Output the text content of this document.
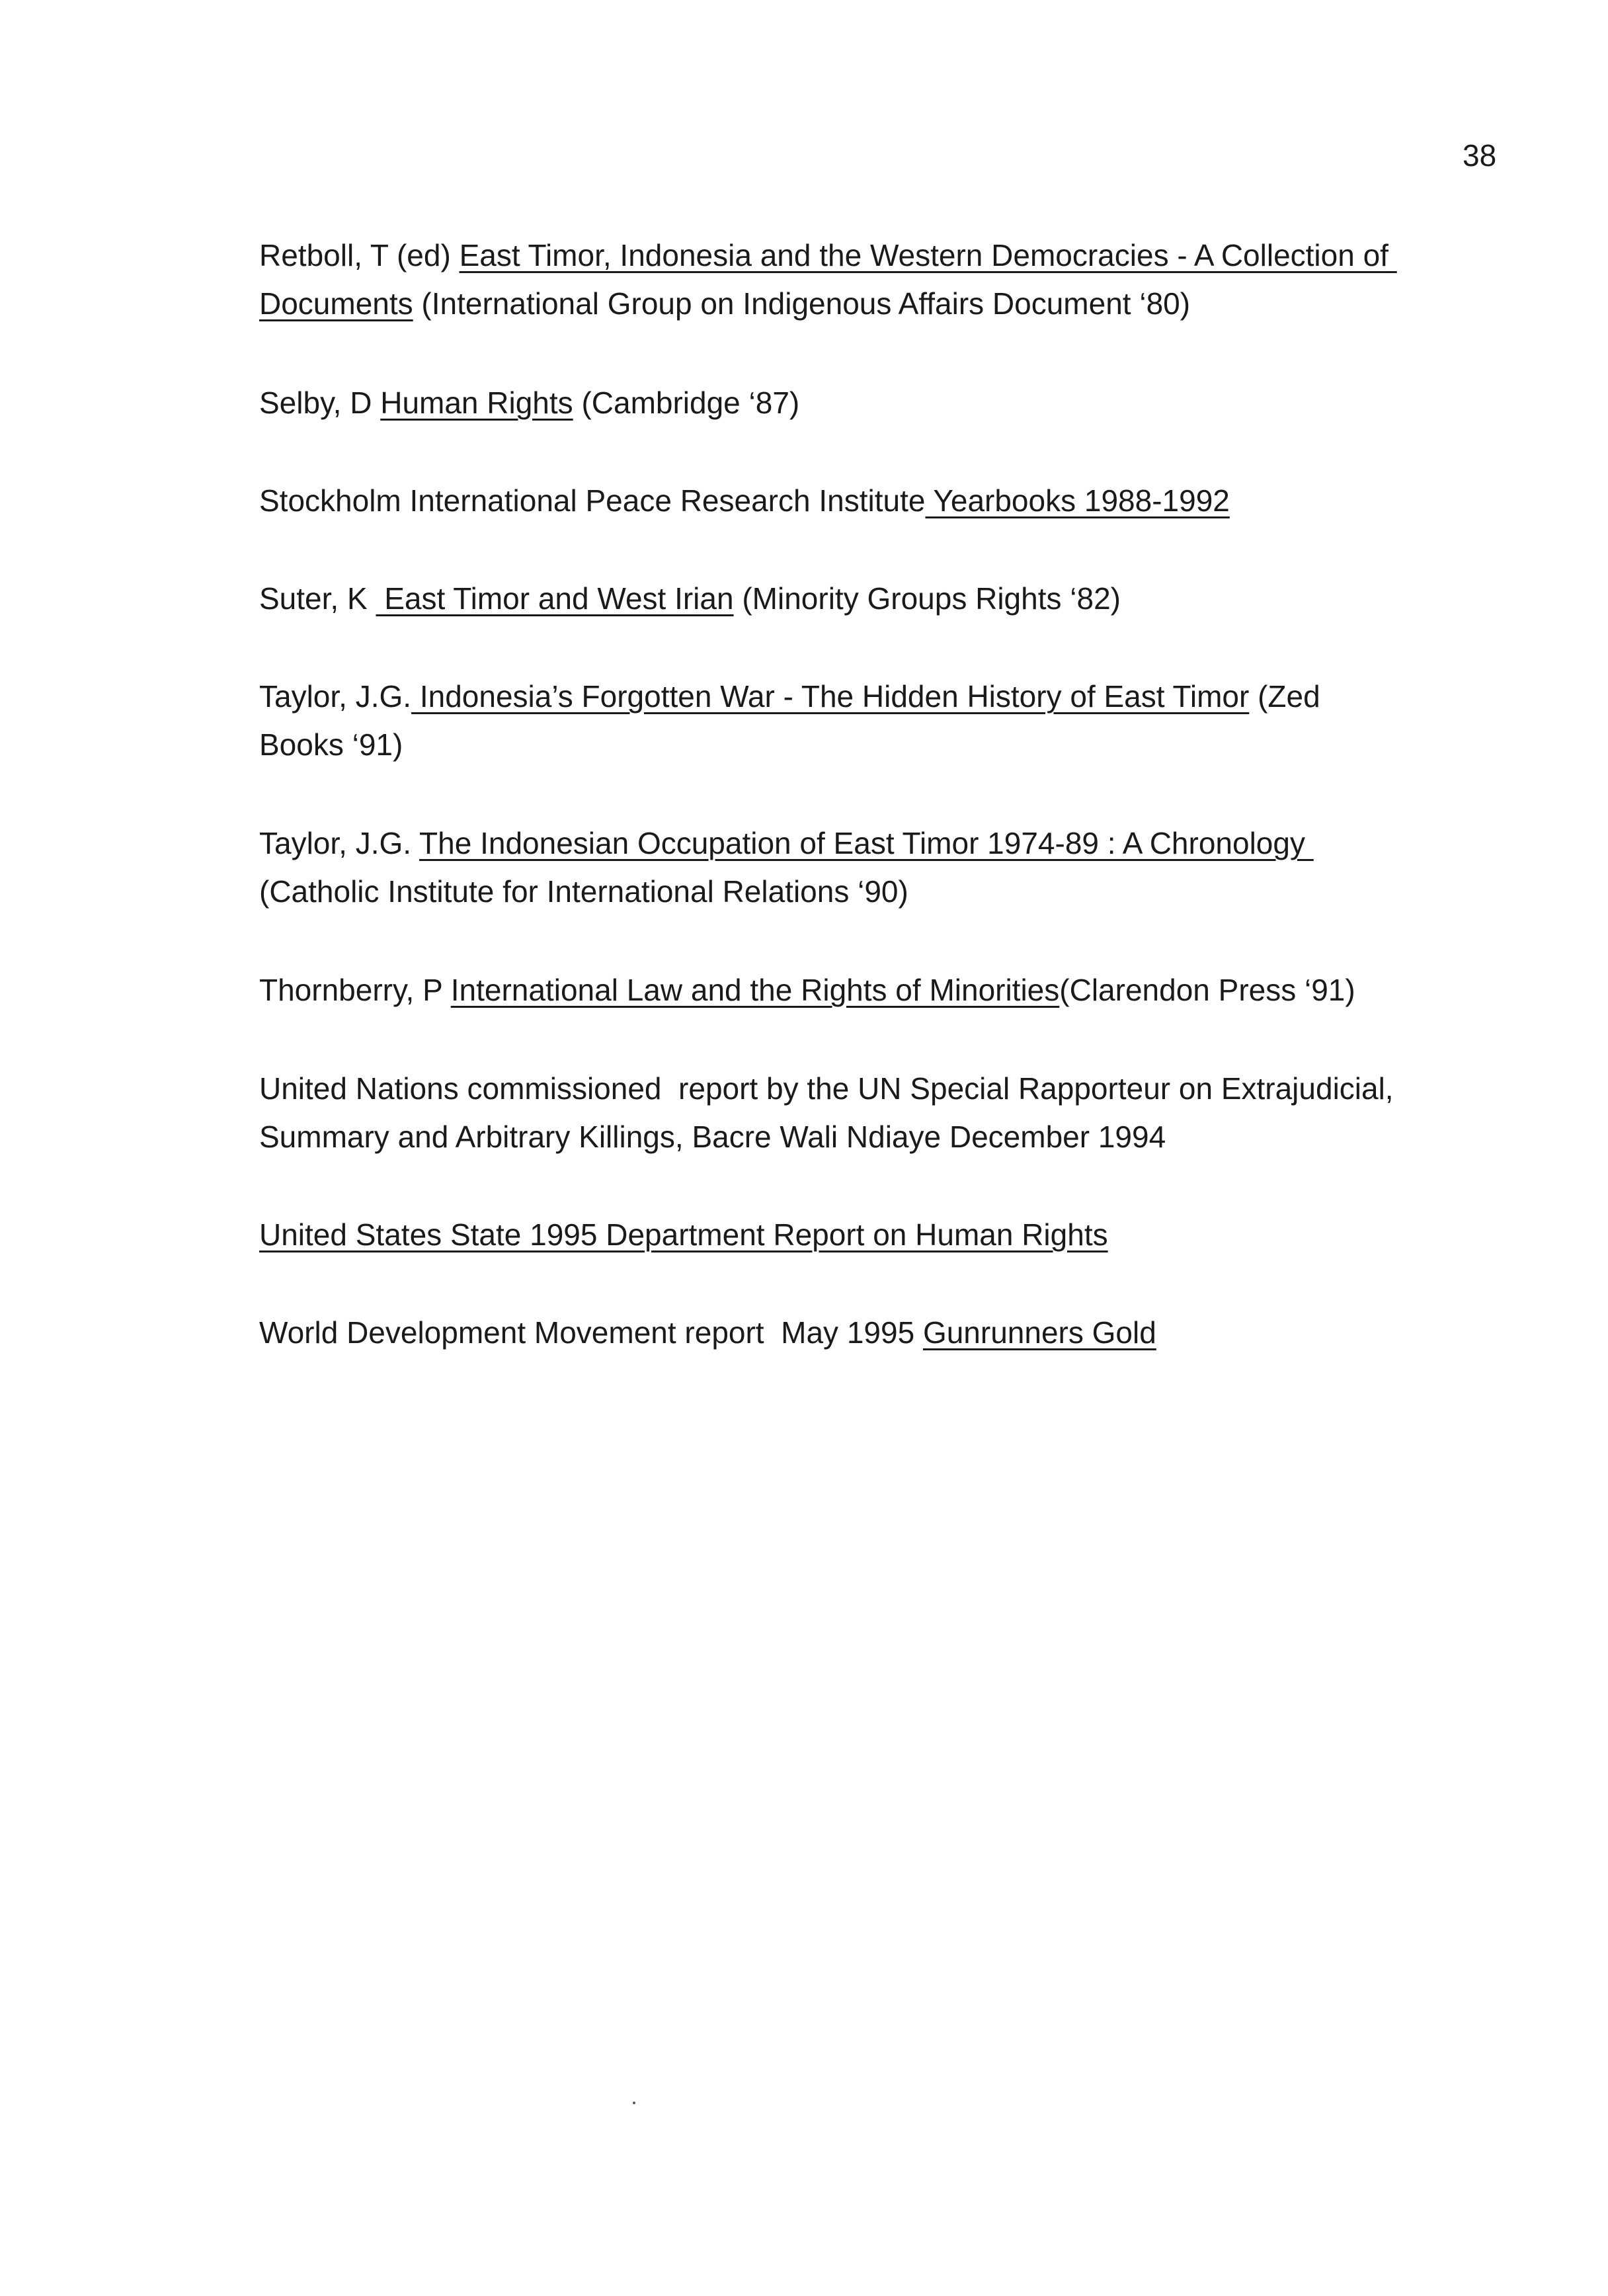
38

Retboll, T (ed) East Timor, Indonesia and the Western Democracies - A Collection of Documents (International Group on Indigenous Affairs Document ‘80)

Selby, D Human Rights (Cambridge ‘87)

Stockholm International Peace Research Institute Yearbooks 1988-1992

Suter, K  East Timor and West Irian (Minority Groups Rights ‘82)

Taylor, J.G. Indonesia’s Forgotten War - The Hidden History of East Timor (Zed Books ‘91)

Taylor, J.G. The Indonesian Occupation of East Timor 1974-89 : A Chronology  (Catholic Institute for International Relations ‘90)

Thornberry, P International Law and the Rights of Minorities(Clarendon Press ‘91)

United Nations commissioned  report by the UN Special Rapporteur on Extrajudicial, Summary and Arbitrary Killings, Bacre Wali Ndiaye December 1994

United States State 1995 Department Report on Human Rights

World Development Movement report  May 1995 Gunrunners Gold
